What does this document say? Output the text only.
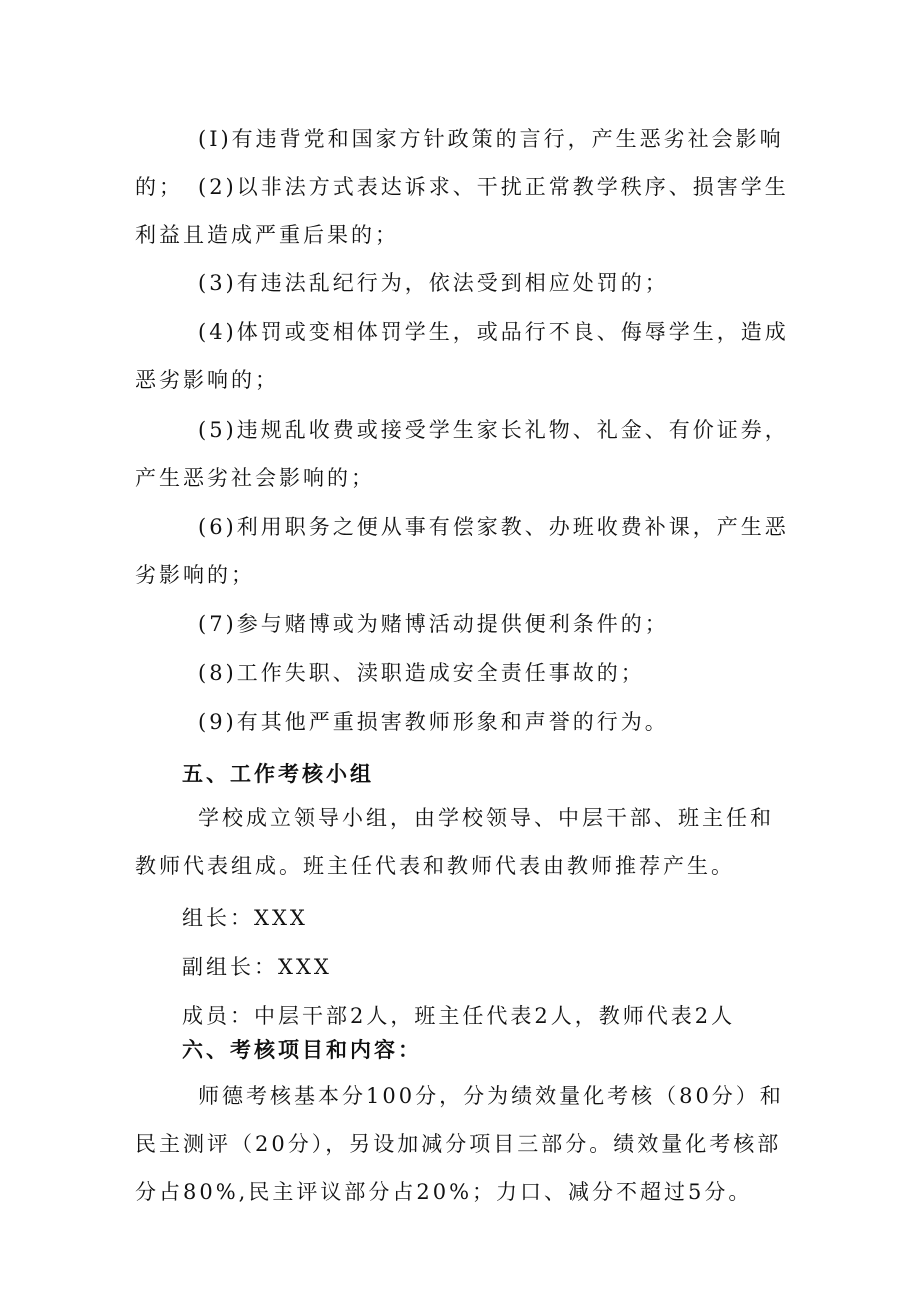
(I)有违背党和国家方针政策的言行，产生恶劣社会影响的； (2)以非法方式表达诉求、干扰正常教学秩序、损害学生利益且造成严重后果的；
(3)有违法乱纪行为，依法受到相应处罚的；
(4)体罚或变相体罚学生，或品行不良、侮辱学生，造成恶劣影响的；
(5)违规乱收费或接受学生家长礼物、礼金、有价证券，产生恶劣社会影响的；
(6)利用职务之便从事有偿家教、办班收费补课，产生恶劣影响的；
(7)参与赌博或为赌博活动提供便利条件的；
(8)工作失职、渎职造成安全责任事故的；
(9)有其他严重损害教师形象和声誉的行为。
五、工作考核小组
学校成立领导小组，由学校领导、中层干部、班主任和教师代表组成。班主任代表和教师代表由教师推荐产生。
组长：XXX
副组长：XXX
成员：中层干部2人，班主任代表2人，教师代表2人
六、考核项目和内容：
师德考核基本分100分，分为绩效量化考核（80分）和民主测评（20分），另设加减分项目三部分。绩效量化考核部分占80%,民主评议部分占20%；力口、减分不超过5分。
